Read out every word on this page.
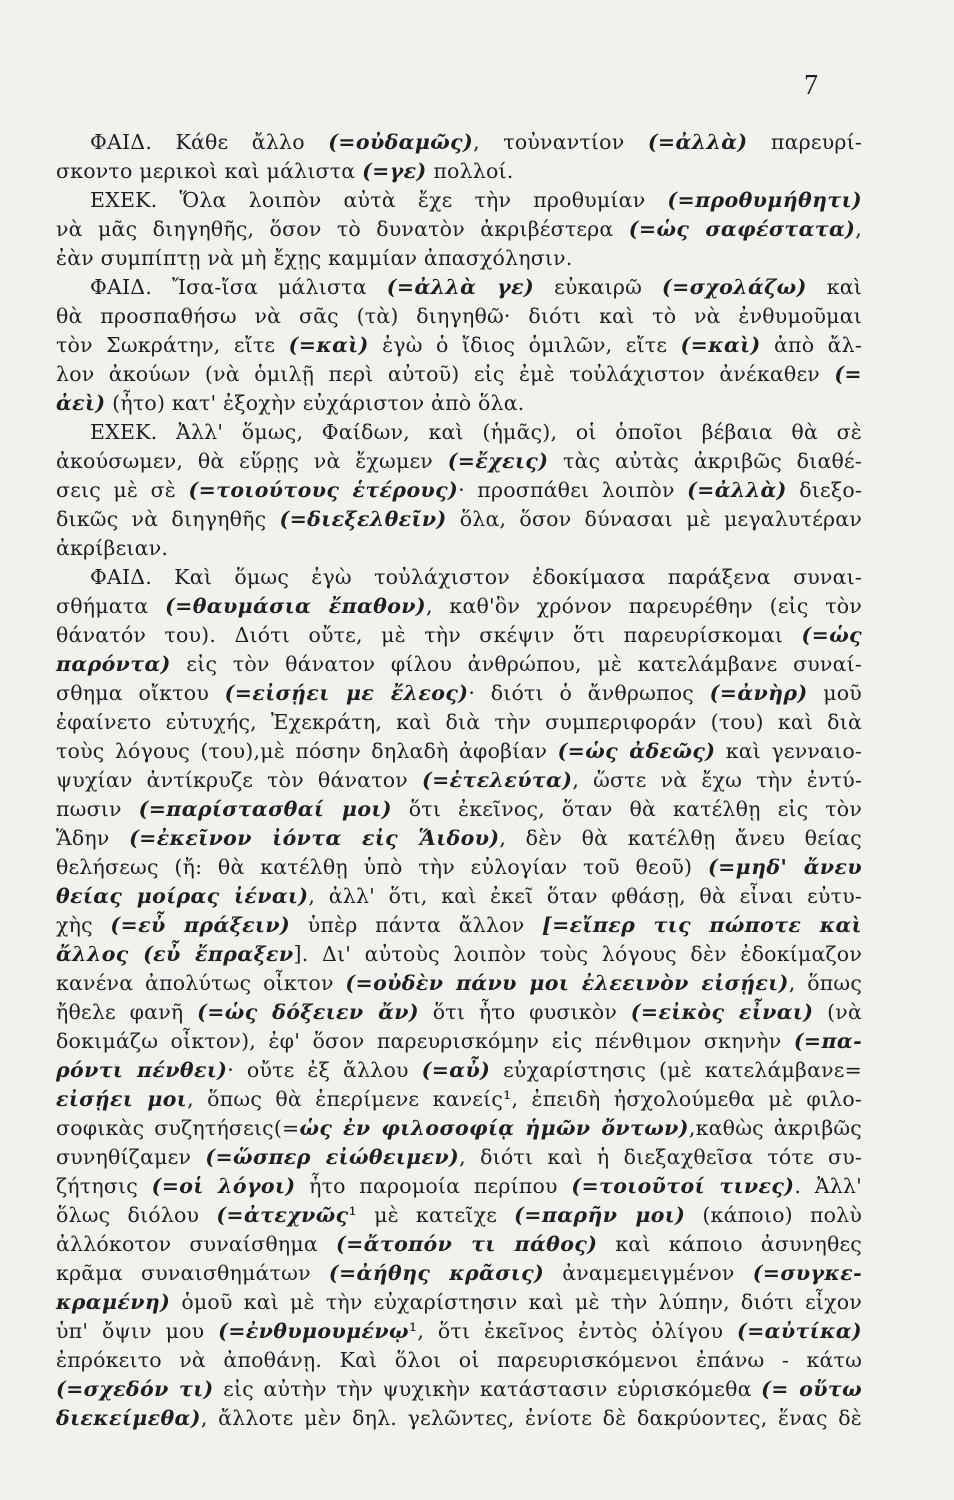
7
ΦΑΙΔ. Κάθε ἄλλο (=οὐδαμῶς), τοὐναντίον (=ἀλλὰ) παρευρί-
σκοντο μερικοὶ καὶ μάλιστα (=γε) πολλοί.
ΕΧΕΚ. Ὅλα λοιπὸν αὐτὰ ἔχε τὴν προθυμίαν (=προθυμήθητι)
νὰ μᾶς διηγηθῆς, ὅσον τὸ δυνατὸν ἀκριβέστερα (=ὡς σαφέστατα),
ἐὰν συμπίπτῃ νὰ μὴ ἔχῃς καμμίαν ἀπασχόλησιν.
ΦΑΙΔ. Ἴσα-ἴσα μάλιστα (=ἀλλὰ γε) εὐκαιρῶ (=σχολάζω) καὶ
θὰ προσπαθήσω νὰ σᾶς (τὰ) διηγηθῶ· διότι καὶ τὸ νὰ ἐνθυμοῦμαι
τὸν Σωκράτην, εἴτε (=καὶ) ἐγὼ ὁ ἴδιος ὁμιλῶν, εἴτε (=καὶ) ἀπὸ ἄλ-
λον ἀκούων (νὰ ὁμιλῇ περὶ αὐτοῦ) εἰς ἐμὲ τοὐλάχιστον ἀνέκαθεν (=
ἀεὶ) (ἦτο) κατ' ἐξοχὴν εὐχάριστον ἀπὸ ὅλα.
ΕΧΕΚ. Ἀλλ' ὅμως, Φαίδων, καὶ (ἡμᾶς), οἱ ὁποῖοι βέβαια θὰ σὲ
ἀκούσωμεν, θὰ εὕρῃς νὰ ἔχωμεν (=ἔχεις) τὰς αὐτὰς ἀκριβῶς διαθέ-
σεις μὲ σὲ (=τοιούτους ἑτέρους)· προσπάθει λοιπὸν (=ἀλλὰ) διεξο-
δικῶς νὰ διηγηθῆς (=διεξελθεῖν) ὅλα, ὅσον δύνασαι μὲ μεγαλυτέραν
ἀκρίβειαν.
ΦΑΙΔ. Καὶ ὅμως ἐγὼ τοὐλάχιστον ἐδοκίμασα παράξενα συναι-
σθήματα (=θαυμάσια ἔπαθον), καθ'ὃν χρόνον παρευρέθην (εἰς τὸν
θάνατόν του). Διότι οὔτε, μὲ τὴν σκέψιν ὅτι παρευρίσκομαι (=ὡς
παρόντα) εἰς τὸν θάνατον φίλου ἀνθρώπου, μὲ κατελάμβανε συναί-
σθημα οἴκτου (=εἰσῄει με ἔλεος)· διότι ὁ ἄνθρωπος (=ἀνὴρ) μοῦ
ἐφαίνετο εὐτυχής, Ἐχεκράτη, καὶ διὰ τὴν συμπεριφοράν (του) καὶ διὰ
τοὺς λόγους (του),μὲ πόσην δηλαδὴ ἀφοβίαν (=ὡς ἀδεῶς) καὶ γενναιο-
ψυχίαν ἀντίκρυζε τὸν θάνατον (=ἐτελεύτα), ὥστε νὰ ἔχω τὴν ἐντύ-
πωσιν (=παρίστασθαί μοι) ὅτι ἐκεῖνος, ὅταν θὰ κατέλθῃ εἰς τὸν
Ἅδην (=ἐκεῖνον ἰόντα εἰς Ἅιδου), δὲν θὰ κατέλθῃ ἄνευ θείας
θελήσεως (ἤ: θὰ κατέλθῃ ὑπὸ τὴν εὐλογίαν τοῦ θεοῦ) (=μηδ' ἄνευ
θείας μοίρας ἰέναι), ἀλλ' ὅτι, καὶ ἐκεῖ ὅταν φθάσῃ, θὰ εἶναι εὐτυ-
χὴς (=εὖ πράξειν) ὑπὲρ πάντα ἄλλον [=εἴπερ τις πώποτε καὶ
ἄλλος (εὖ ἔπραξεν]. Δι' αὐτοὺς λοιπὸν τοὺς λόγους δὲν ἐδοκίμαζον
κανένα ἀπολύτως οἶκτον (=οὐδὲν πάνυ μοι ἐλεεινὸν εἰσῄει), ὅπως
ἤθελε φανῆ (=ὡς δόξειεν ἄν) ὅτι ἦτο φυσικὸν (=εἰκὸς εἶναι) (νὰ
δοκιμάζω οἶκτον), ἐφ' ὅσον παρευρισκόμην εἰς πένθιμον σκηνὴν (=πα-
ρόντι πένθει)· οὔτε ἐξ ἄλλου (=αὖ) εὐχαρίστησις (μὲ κατελάμβανε=
εἰσῄει μοι, ὅπως θὰ ἐπερίμενε κανείς¹, ἐπειδὴ ἠσχολούμεθα μὲ φιλο-
σοφικὰς συζητήσεις(=ὡς ἐν φιλοσοφίᾳ ἡμῶν ὄντων),καθὼς ἀκριβῶς
συνηθίζαμεν (=ὥσπερ εἰώθειμεν), διότι καὶ ἡ διεξαχθεῖσα τότε συ-
ζήτησις (=οἱ λόγοι) ἦτο παρομοία περίπου (=τοιοῦτοί τινες). Ἀλλ'
ὅλως διόλου (=ἀτεχνῶς¹ μὲ κατεῖχε (=παρῆν μοι) (κάποιο) πολὺ
ἀλλόκοτον συναίσθημα (=ἄτοπόν τι πάθος) καὶ κάποιο ἀσυνηθες
κρᾶμα συναισθημάτων (=ἀήθης κρᾶσις) ἀναμεμειγμένον (=συγκε-
κραμένη) ὁμοῦ καὶ μὲ τὴν εὐχαρίστησιν καὶ μὲ τὴν λύπην, διότι εἶχον
ὑπ' ὄψιν μου (=ἐνθυμουμένῳ¹, ὅτι ἐκεῖνος ἐντὸς ὀλίγου (=αὐτίκα)
ἐπρόκειτο νὰ ἀποθάνῃ. Καὶ ὅλοι οἱ παρευρισκόμενοι ἐπάνω - κάτω
(=σχεδόν τι) εἰς αὐτὴν τὴν ψυχικὴν κατάστασιν εὑρισκόμεθα (= οὕτω
διεκείμεθα), ἄλλοτε μὲν δηλ. γελῶντες, ἐνίοτε δὲ δακρύοντες, ἕνας δὲ
